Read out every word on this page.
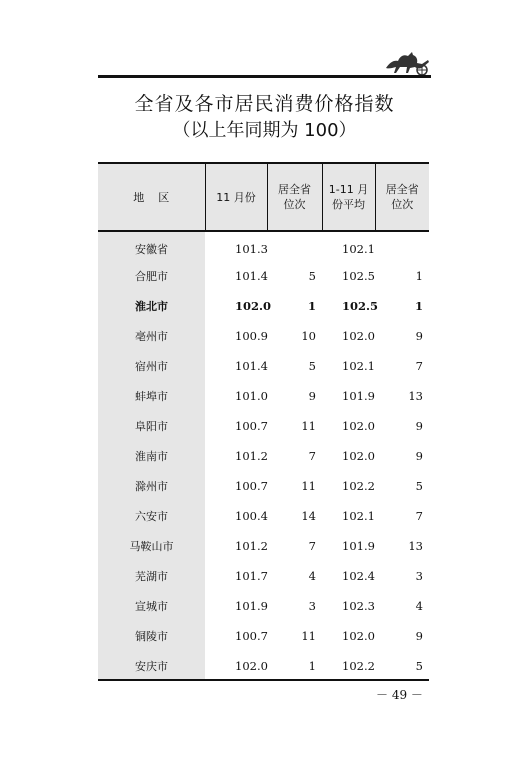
全省及各市居民消费价格指数
（以上年同期为 100）
地区	11 月份	居全省位次	1-11 月份平均	居全省位次
安徽省	101.3		102.1	
合肥市	101.4	5	102.5	1
淮北市	102.0	1	102.5	1
亳州市	100.9	10	102.0	9
宿州市	101.4	5	102.1	7
蚌埠市	101.0	9	101.9	13
阜阳市	100.7	11	102.0	9
淮南市	101.2	7	102.0	9
滁州市	100.7	11	102.2	5
六安市	100.4	14	102.1	7
马鞍山市	101.2	7	101.9	13
芜湖市	101.7	4	102.4	3
宣城市	101.9	3	102.3	4
铜陵市	100.7	11	102.0	9
安庆市	102.0	1	102.2	5
－ 49 －
